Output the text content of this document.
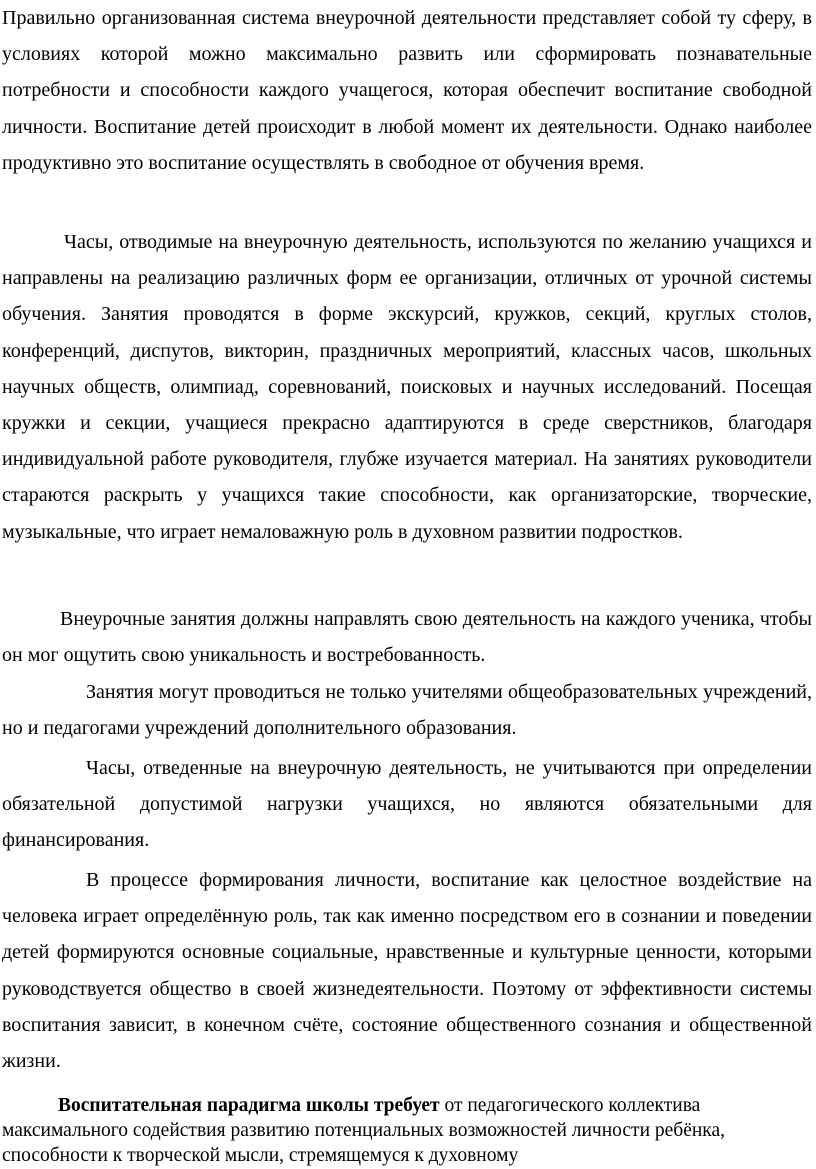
Правильно организованная система внеурочной деятельности представляет собой ту сферу, в условиях которой можно максимально развить или сформировать познавательные потребности и способности каждого учащегося, которая обеспечит воспитание свободной личности. Воспитание детей происходит в любой момент их деятельности. Однако наиболее продуктивно это воспитание осуществлять в свободное от обучения время.

Часы, отводимые на внеурочную деятельность, используются по желанию учащихся и направлены на реализацию различных форм ее организации, отличных от урочной системы обучения. Занятия проводятся в форме экскурсий, кружков, секций, круглых столов, конференций, диспутов, викторин, праздничных мероприятий, классных часов, школьных научных обществ, олимпиад, соревнований, поисковых и научных исследований. Посещая кружки и секции, учащиеся прекрасно адаптируются в среде сверстников, благодаря индивидуальной работе руководителя, глубже изучается материал. На занятиях руководители стараются раскрыть у учащихся такие способности, как организаторские, творческие, музыкальные, что играет немаловажную роль в духовном развитии подростков.

Внеурочные занятия должны направлять свою деятельность на каждого ученика, чтобы он мог ощутить свою уникальность и востребованность.

Занятия могут проводиться не только учителями общеобразовательных учреждений, но и педагогами учреждений дополнительного образования.

Часы, отведенные на внеурочную деятельность, не учитываются при определении обязательной допустимой нагрузки учащихся, но являются обязательными для финансирования.

В процессе формирования личности, воспитание как целостное воздействие на человека играет определённую роль, так как именно посредством его в сознании и поведении детей формируются основные социальные, нравственные и культурные ценности, которыми руководствуется общество в своей жизнедеятельности. Поэтому от эффективности системы воспитания зависит, в конечном счёте, состояние общественного сознания и общественной жизни.

Воспитательная парадигма школы требует от педагогического коллектива максимального содействия развитию потенциальных возможностей личности ребёнка, способности к творческой мысли, стремящемуся к духовному
